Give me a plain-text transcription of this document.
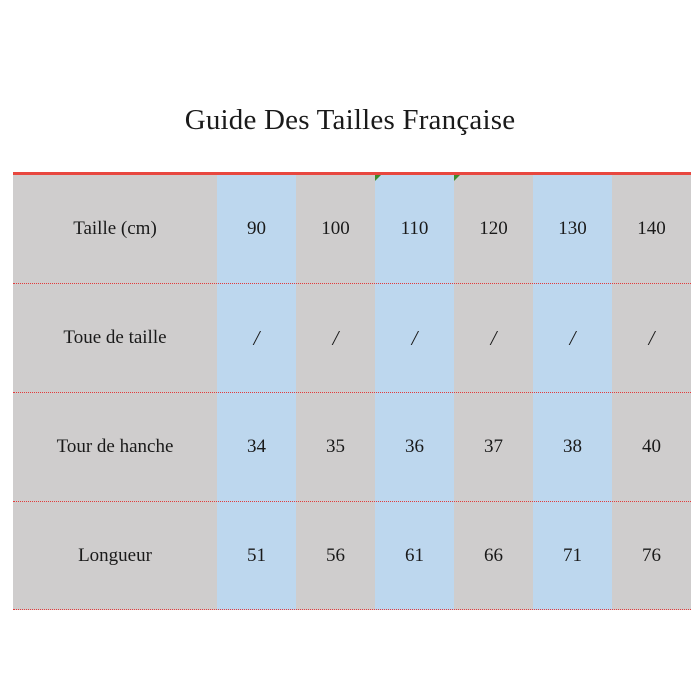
Guide Des Tailles Française
Taille (cm)	90	100	110	120	130	140
Toue de taille	/	/	/	/	/	/
Tour de hanche	34	35	36	37	38	40
Longueur	51	56	61	66	71	76
